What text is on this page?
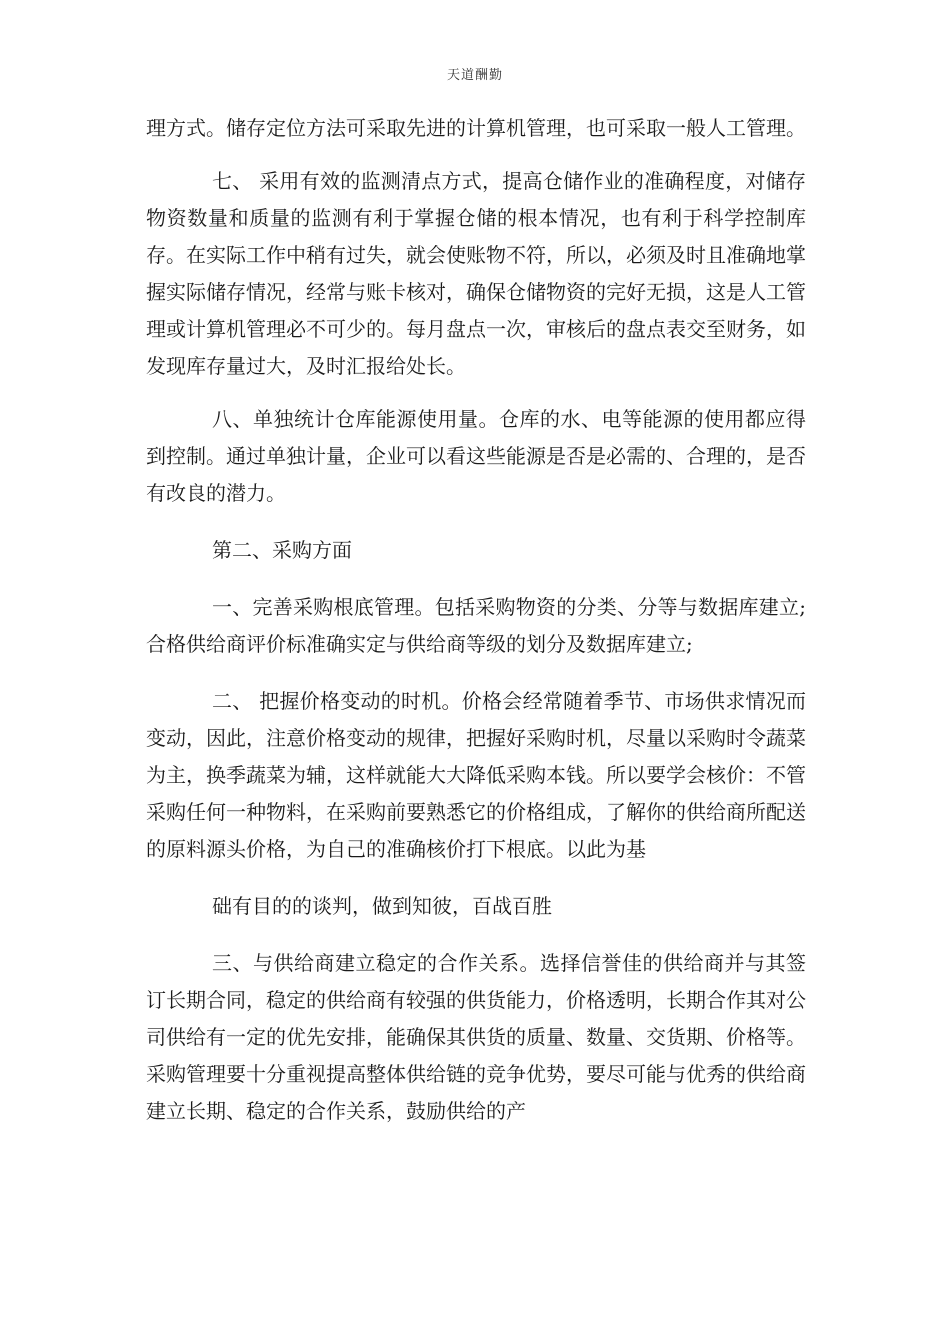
天道酬勤

理方式。储存定位方法可采取先进的计算机管理，也可采取一般人工管理。

七、 采用有效的监测清点方式，提高仓储作业的准确程度，对储存物资数量和质量的监测有利于掌握仓储的根本情况，也有利于科学控制库存。在实际工作中稍有过失，就会使账物不符，所以，必须及时且准确地掌握实际储存情况，经常与账卡核对，确保仓储物资的完好无损，这是人工管理或计算机管理必不可少的。每月盘点一次，审核后的盘点表交至财务，如发现库存量过大，及时汇报给处长。

八、单独统计仓库能源使用量。仓库的水、电等能源的使用都应得到控制。通过单独计量，企业可以看这些能源是否是必需的、合理的，是否有改良的潜力。

第二、采购方面

一、完善采购根底管理。包括采购物资的分类、分等与数据库建立;合格供给商评价标准确实定与供给商等级的划分及数据库建立;

二、 把握价格变动的时机。价格会经常随着季节、市场供求情况而变动，因此，注意价格变动的规律，把握好采购时机，尽量以采购时令蔬菜为主，换季蔬菜为辅，这样就能大大降低采购本钱。所以要学会核价：不管采购任何一种物料，在采购前要熟悉它的价格组成，了解你的供给商所配送的原料源头价格，为自己的准确核价打下根底。以此为基

础有目的的谈判，做到知彼，百战百胜

三、与供给商建立稳定的合作关系。选择信誉佳的供给商并与其签订长期合同，稳定的供给商有较强的供货能力，价格透明，长期合作其对公司供给有一定的优先安排，能确保其供货的质量、数量、交货期、价格等。采购管理要十分重视提高整体供给链的竞争优势，要尽可能与优秀的供给商建立长期、稳定的合作关系，鼓励供给的产
